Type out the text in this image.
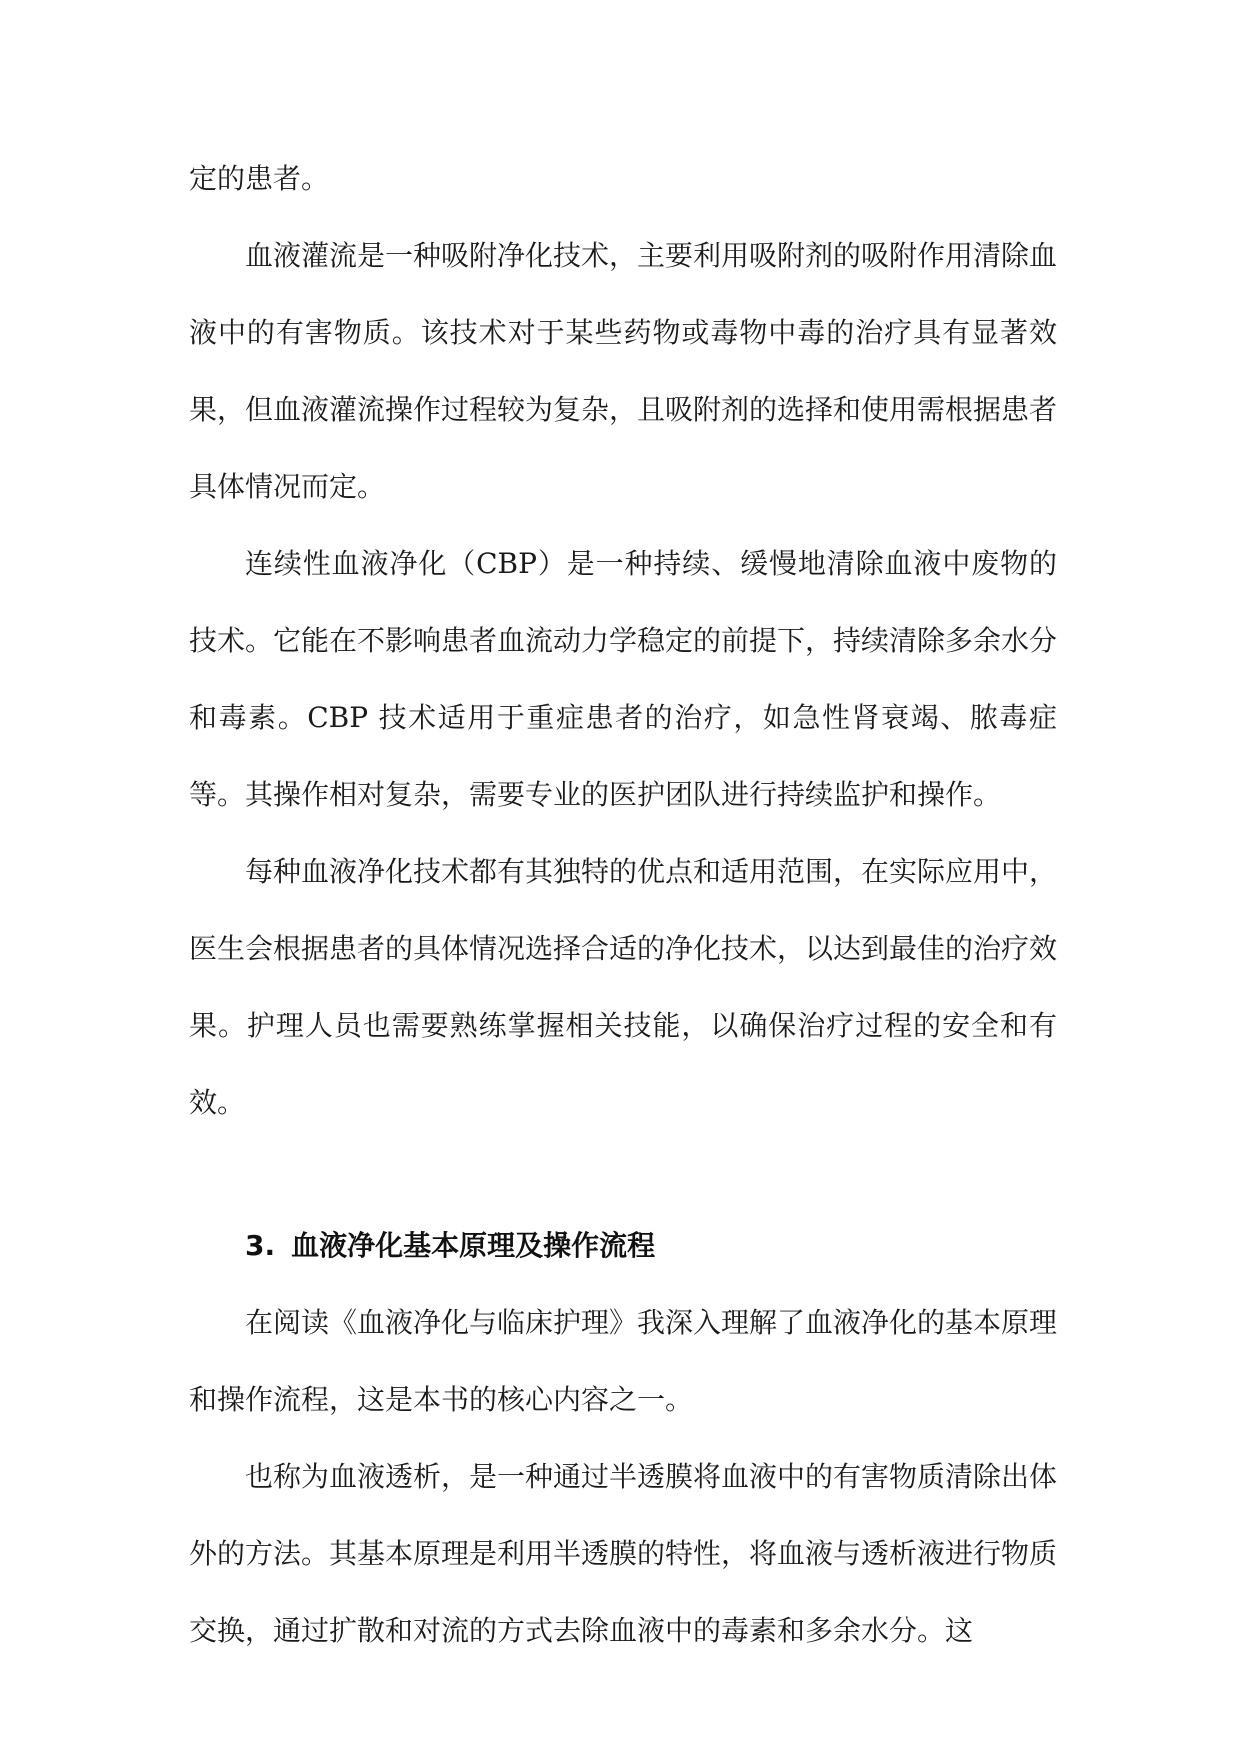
定的患者。

血液灌流是一种吸附净化技术，主要利用吸附剂的吸附作用清除血液中的有害物质。该技术对于某些药物或毒物中毒的治疗具有显著效果，但血液灌流操作过程较为复杂，且吸附剂的选择和使用需根据患者具体情况而定。

连续性血液净化（CBP）是一种持续、缓慢地清除血液中废物的技术。它能在不影响患者血流动力学稳定的前提下，持续清除多余水分和毒素。CBP 技术适用于重症患者的治疗，如急性肾衰竭、脓毒症等。其操作相对复杂，需要专业的医护团队进行持续监护和操作。

每种血液净化技术都有其独特的优点和适用范围，在实际应用中，医生会根据患者的具体情况选择合适的净化技术，以达到最佳的治疗效果。护理人员也需要熟练掌握相关技能，以确保治疗过程的安全和有效。

3. 血液净化基本原理及操作流程

在阅读《血液净化与临床护理》我深入理解了血液净化的基本原理和操作流程，这是本书的核心内容之一。

也称为血液透析，是一种通过半透膜将血液中的有害物质清除出体外的方法。其基本原理是利用半透膜的特性，将血液与透析液进行物质交换，通过扩散和对流的方式去除血液中的毒素和多余水分。这
